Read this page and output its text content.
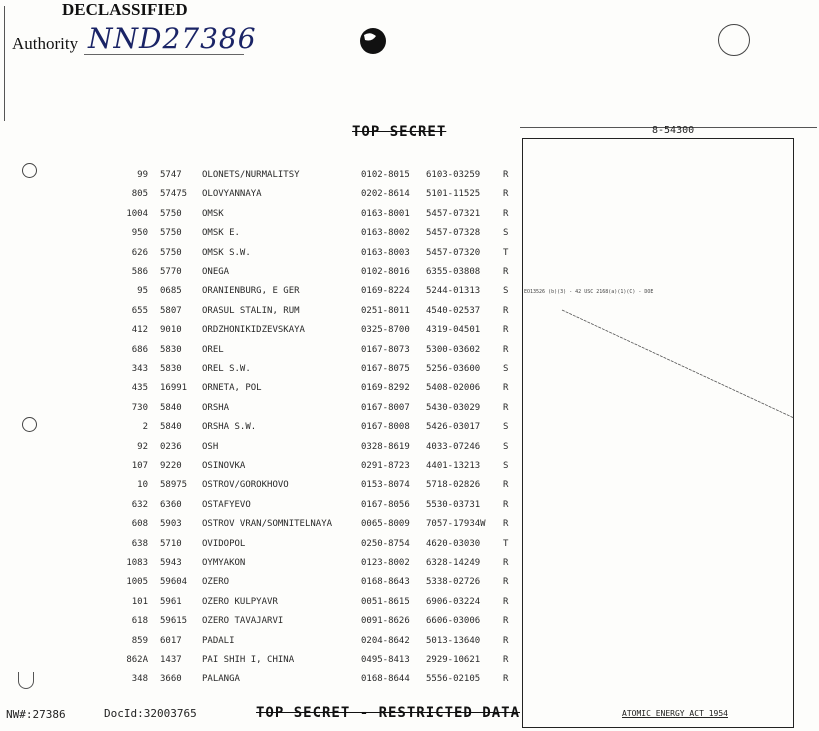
DECLASSIFIED
Authority NND27386
TOP SECRET	8-54300
EO13526 (b)(3) - 42 USC 2168(a)(1)(C) - DOE
99 5747 OLONETS/NURMALITSY	0102-8015 6103-03259	R
805 57475 OLOVYANNAYA	0202-8614 5101-11525	R
1004 5750 OMSK	0163-8001 5457-07321	R
950 5750 OMSK E.	0163-8002 5457-07328	S
626 5750 OMSK S.W.	0163-8003 5457-07320	T
586 5770 ONEGA	0102-8016 6355-03808	R
95 0685 ORANIENBURG, E GER	0169-8224 5244-01313	S
655 5807 ORASUL STALIN, RUM	0251-8011 4540-02537	R
412 9010 ORDZHONIKIDZEVSKAYA	0325-8700 4319-04501	R
686 5830 OREL	0167-8073 5300-03602	R
343 5830 OREL S.W.	0167-8075 5256-03600	S
435 16991 ORNETA, POL	0169-8292 5408-02006	R
730 5840 ORSHA	0167-8007 5430-03029	R
2 5840 ORSHA S.W.	0167-8008 5426-03017	S
92 0236 OSH	0328-8619 4033-07246	S
107 9220 OSINOVKA	0291-8723 4401-13213	S
10 58975 OSTROV/GOROKHOVO	0153-8074 5718-02826	R
632 6360 OSTAFYEVO	0167-8056 5530-03731	R
608 5903 OSTROV VRAN/SOMNITELNAYA	0065-8009 7057-17934W R
638 5710 OVIDOPOL	0250-8754 4620-03030	T
1083 5943 OYMYAKON	0123-8002 6328-14249	R
1005 59604 OZERO	0168-8643 5338-02726	R
101 5961 OZERO KULPYAVR	0051-8615 6906-03224	R
618 59615 OZERO TAVAJARVI	0091-8626 6606-03006	R
859 6017 PADALI	0204-8642 5013-13640	R
862A 1437 PAI SHIH I, CHINA	0495-8413 2929-10621	R
348 3660 PALANGA	0168-8644 5556-02105	R
NW#:27386	DocId:32003765	TOP SECRET - RESTRICTED DATA	ATOMIC ENERGY ACT 1954
